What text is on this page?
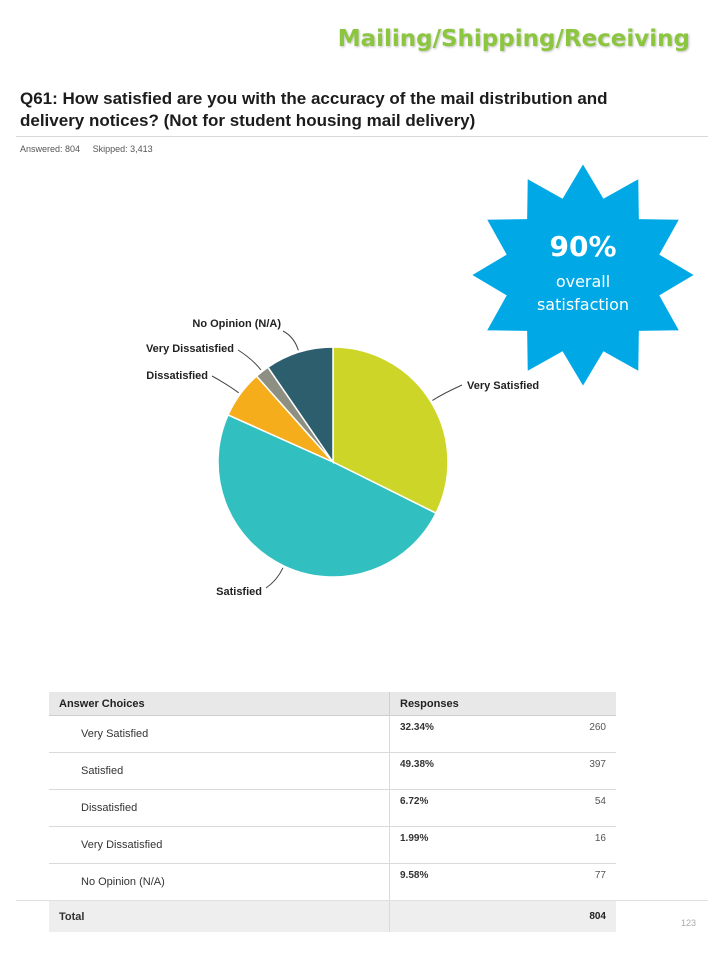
Mailing/Shipping/Receiving
Q61: How satisfied are you with the accuracy of the mail distribution and delivery notices? (Not for student housing mail delivery)
Answered: 804 Skipped: 3,413
Very Satisfied
Satisfied
Dissatisfied
Very Dissatisfied
No Opinion (N/A)
90%
overall
satisfaction
Answer Choices	Responses	
Very Satisfied	32.34%	260
Satisfied	49.38%	397
Dissatisfied	6.72%	54
Very Dissatisfied	1.99%	16
No Opinion (N/A)	9.58%	77
Total		804
123
